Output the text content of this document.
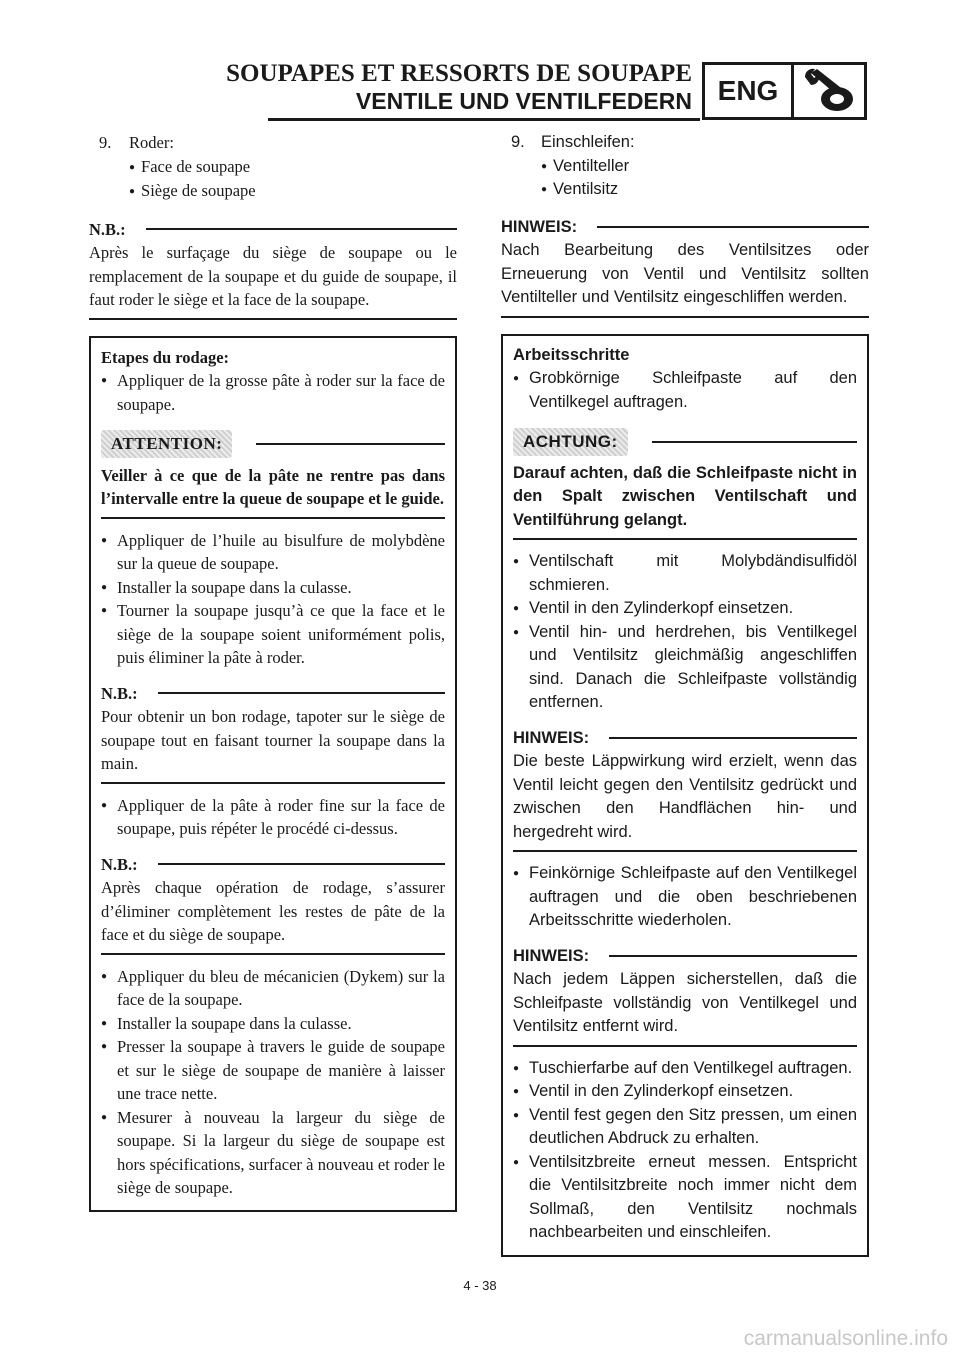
SOUPAPES ET RESSORTS DE SOUPAPE
VENTILE UND VENTILFEDERN ENG
9. Roder:
● Face de soupape
● Siège de soupape
N.B.:
Après le surfaçage du siège de soupape ou le remplacement de la soupape et du guide de soupape, il faut roder le siège et la face de la soupape.
Etapes du rodage:
● Appliquer de la grosse pâte à roder sur la face de soupape.
ATTENTION:
Veiller à ce que de la pâte ne rentre pas dans l’intervalle entre la queue de soupape et le guide.
● Appliquer de l’huile au bisulfure de molybdène sur la queue de soupape.
● Installer la soupape dans la culasse.
● Tourner la soupape jusqu’à ce que la face et le siège de la soupape soient uniformément polis, puis éliminer la pâte à roder.
N.B.:
Pour obtenir un bon rodage, tapoter sur le siège de soupape tout en faisant tourner la soupape dans la main.
● Appliquer de la pâte à roder fine sur la face de soupape, puis répéter le procédé ci-dessus.
N.B.:
Après chaque opération de rodage, s’assurer d’éliminer complètement les restes de pâte de la face et du siège de soupape.
● Appliquer du bleu de mécanicien (Dykem) sur la face de la soupape.
● Installer la soupape dans la culasse.
● Presser la soupape à travers le guide de soupape et sur le siège de soupape de manière à laisser une trace nette.
● Mesurer à nouveau la largeur du siège de soupape. Si la largeur du siège de soupape est hors spécifications, surfacer à nouveau et roder le siège de soupape.
9. Einschleifen:
● Ventilteller
● Ventilsitz
HINWEIS:
Nach Bearbeitung des Ventilsitzes oder Erneuerung von Ventil und Ventilsitz sollten Ventilteller und Ventilsitz eingeschliffen werden.
Arbeitsschritte
● Grobkörnige Schleifpaste auf den Ventilkegel auftragen.
ACHTUNG:
Darauf achten, daß die Schleifpaste nicht in den Spalt zwischen Ventilschaft und Ventilführung gelangt.
● Ventilschaft mit Molybdändisulfidöl schmieren.
● Ventil in den Zylinderkopf einsetzen.
● Ventil hin- und herdrehen, bis Ventilkegel und Ventilsitz gleichmäßig angeschliffen sind. Danach die Schleifpaste vollständig entfernen.
HINWEIS:
Die beste Läppwirkung wird erzielt, wenn das Ventil leicht gegen den Ventilsitz gedrückt und zwischen den Handflächen hin- und hergedreht wird.
● Feinkörnige Schleifpaste auf den Ventilkegel auftragen und die oben beschriebenen Arbeitsschritte wiederholen.
HINWEIS:
Nach jedem Läppen sicherstellen, daß die Schleifpaste vollständig von Ventilkegel und Ventilsitz entfernt wird.
● Tuschierfarbe auf den Ventilkegel auftragen.
● Ventil in den Zylinderkopf einsetzen.
● Ventil fest gegen den Sitz pressen, um einen deutlichen Abdruck zu erhalten.
● Ventilsitzbreite erneut messen. Entspricht die Ventilsitzbreite noch immer nicht dem Sollmaß, den Ventilsitz nochmals nachbearbeiten und einschleifen.
4 - 38
carmanualsonline.info
